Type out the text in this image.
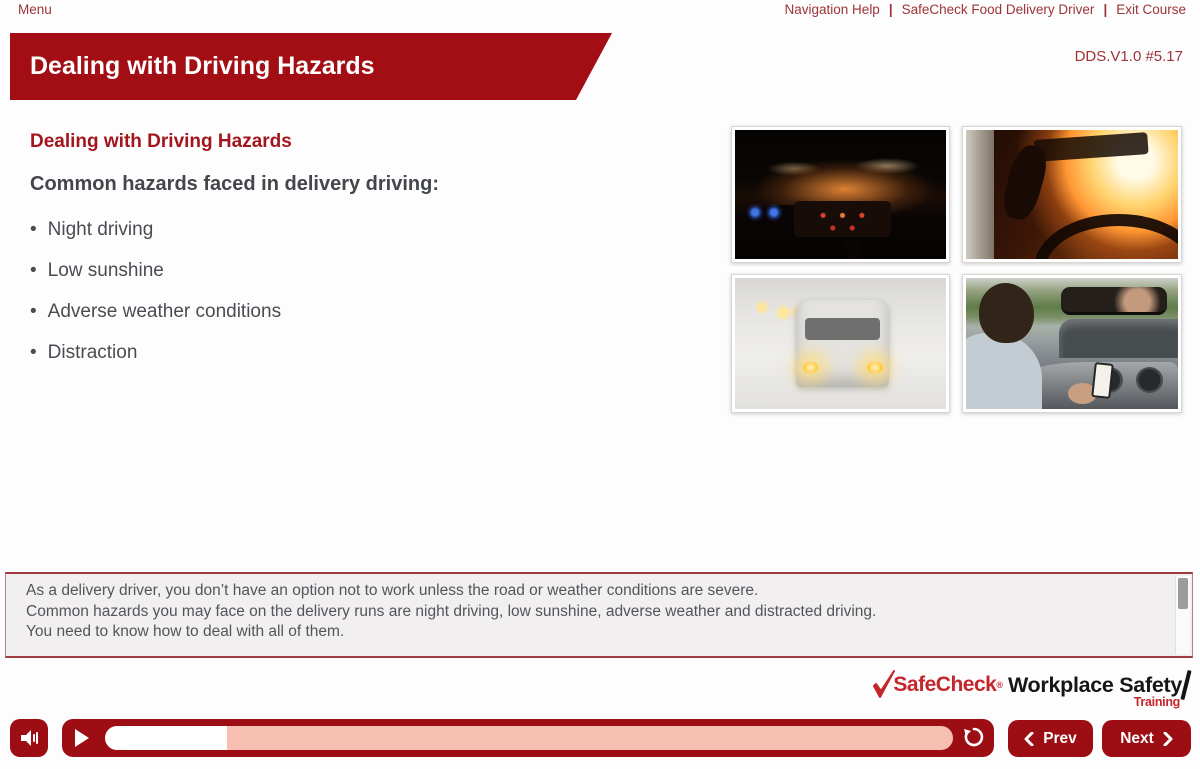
Menu	Navigation Help | SafeCheck Food Delivery Driver | Exit Course
Dealing with Driving Hazards	DDS.V1.0 #5.17
Dealing with Driving Hazards
Common hazards faced in delivery driving:
• Night driving
• Low sunshine
• Adverse weather conditions
• Distraction
As a delivery driver, you don’t have an option not to work unless the road or weather conditions are severe.
Common hazards you may face on the delivery runs are night driving, low sunshine, adverse weather and distracted driving.
You need to know how to deal with all of them.
SafeCheck ® Workplace Safety
Training
Prev	Next
